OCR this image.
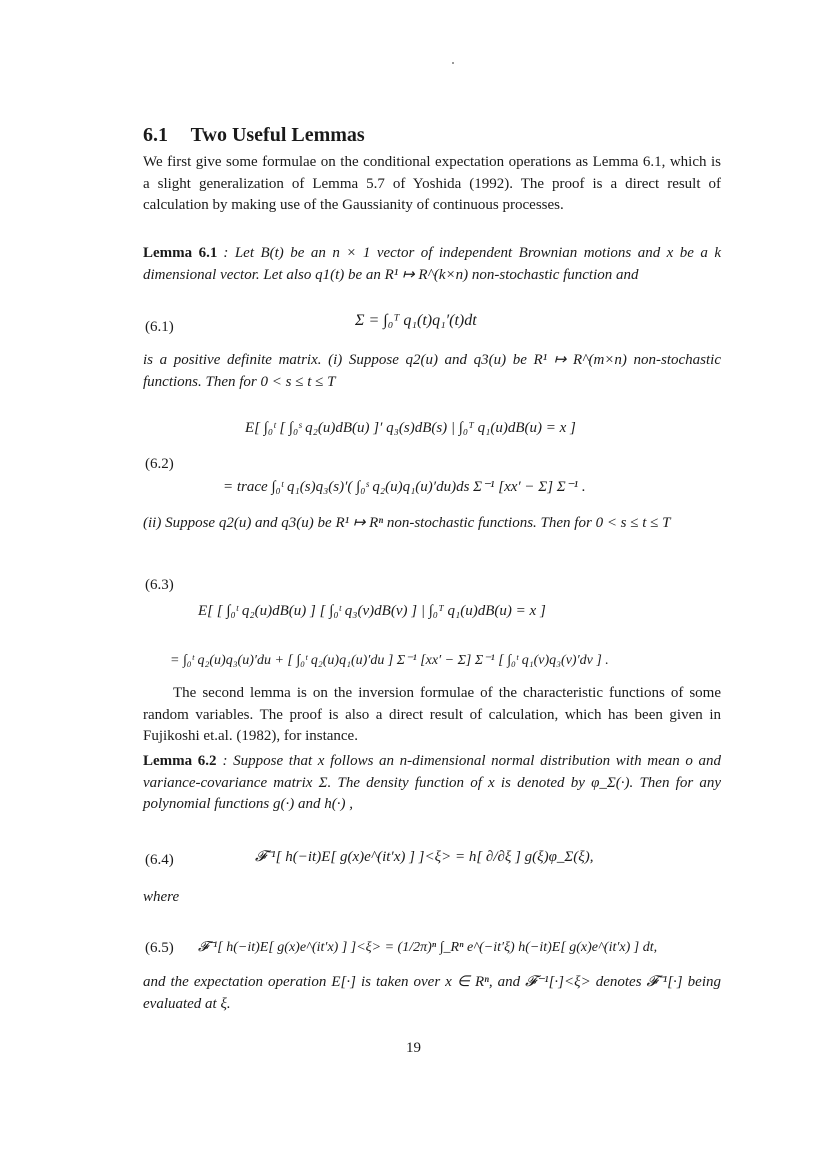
6.1 Two Useful Lemmas
We first give some formulae on the conditional expectation operations as Lemma 6.1, which is a slight generalization of Lemma 5.7 of Yoshida (1992). The proof is a direct result of calculation by making use of the Gaussianity of continuous processes.
Lemma 6.1 : Let B(t) be an n × 1 vector of independent Brownian motions and x be a k dimensional vector. Let also q1(t) be an R¹ ↦ R^(k×n) non-stochastic function and
(6.1)	Σ = ∫₀ᵀ q₁(t)q₁′(t)dt
is a positive definite matrix. (i) Suppose q2(u) and q3(u) be R¹ ↦ R^(m×n) non-stochastic functions. Then for 0 < s ≤ t ≤ T
E[ ∫₀ᵗ [ ∫₀ˢ q₂(u)dB(u) ]′ q₃(s)dB(s) | ∫₀ᵀ q₁(u)dB(u) = x ]
(6.2)
= trace ∫₀ᵗ q₁(s)q₃(s)′( ∫₀ˢ q₂(u)q₁(u)′du)ds Σ⁻¹ [xx′ − Σ] Σ⁻¹ .
(ii) Suppose q2(u) and q3(u) be R¹ ↦ Rⁿ non-stochastic functions. Then for 0 < s ≤ t ≤ T
(6.3)
E[ [ ∫₀ᵗ q₂(u)dB(u) ] [ ∫₀ᵗ q₃(v)dB(v) ] | ∫₀ᵀ q₁(u)dB(u) = x ]
= ∫₀ᵗ q₂(u)q₃(u)′du + [ ∫₀ᵗ q₂(u)q₁(u)′du ] Σ⁻¹ [xx′ − Σ] Σ⁻¹ [ ∫₀ᵗ q₁(v)q₃(v)′dv ] .
The second lemma is on the inversion formulae of the characteristic functions of some random variables. The proof is also a direct result of calculation, which has been given in Fujikoshi et.al. (1982), for instance.
Lemma 6.2 : Suppose that x follows an n-dimensional normal distribution with mean o and variance-covariance matrix Σ. The density function of x is denoted by φ_Σ(·). Then for any polynomial functions g(·) and h(·) ,
(6.4)	𝓕⁻¹[ h(−it)E[ g(x)e^(it′x) ] ]<ξ> = h[ ∂/∂ξ ] g(ξ)φ_Σ(ξ),
where
(6.5) 𝓕⁻¹[ h(−it)E[ g(x)e^(it′x) ] ]<ξ> = (1/2π)ⁿ ∫_Rⁿ e^(−it′ξ) h(−it)E[ g(x)e^(it′x) ] dt,
and the expectation operation E[·] is taken over x ∈ Rⁿ, and 𝓕⁻¹[·]<ξ> denotes 𝓕⁻¹[·] being evaluated at ξ.
19
